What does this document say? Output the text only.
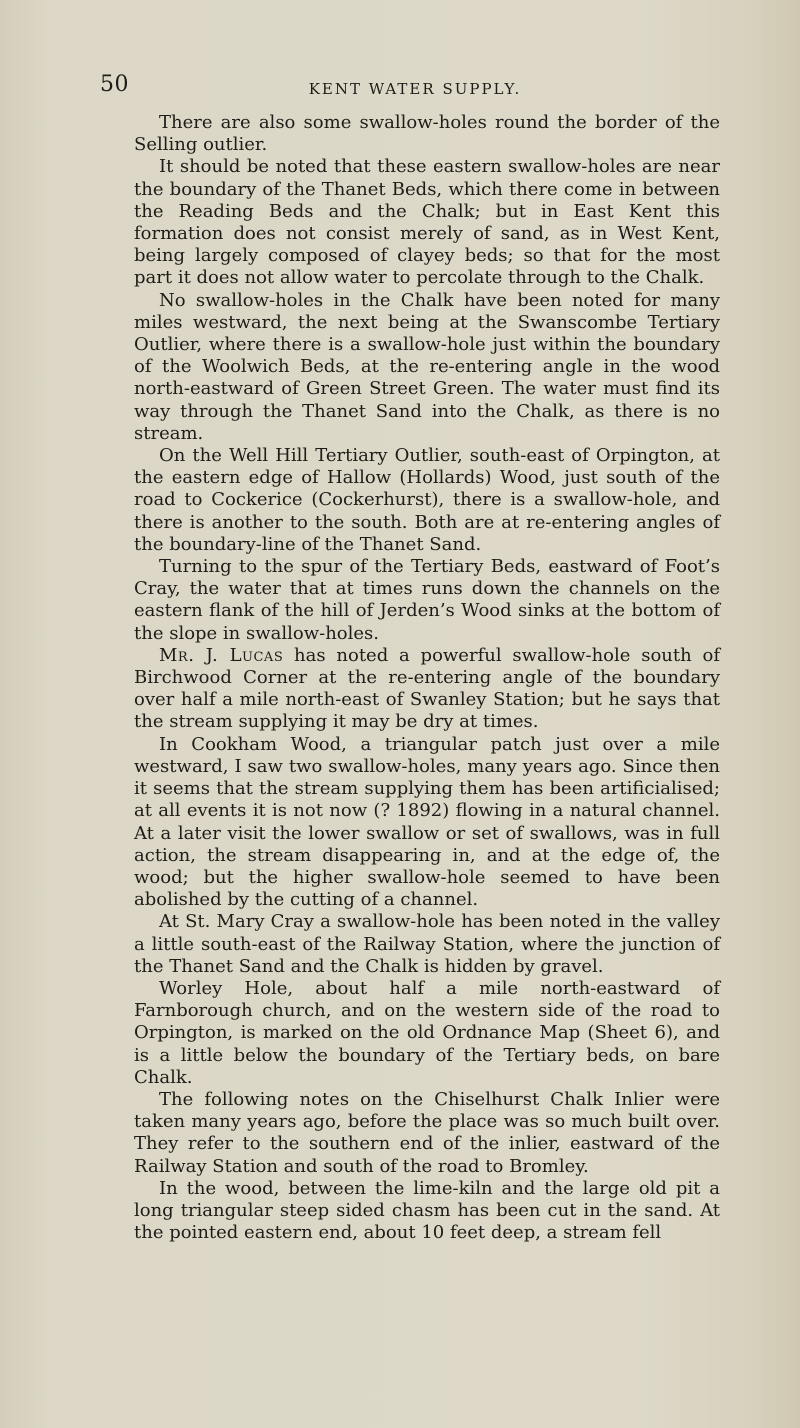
50	KENT WATER SUPPLY.

There are also some swallow-holes round the border of the Selling outlier.

It should be noted that these eastern swallow-holes are near the boundary of the Thanet Beds, which there come in between the Reading Beds and the Chalk; but in East Kent this formation does not consist merely of sand, as in West Kent, being largely composed of clayey beds; so that for the most part it does not allow water to percolate through to the Chalk.

No swallow-holes in the Chalk have been noted for many miles westward, the next being at the Swanscombe Tertiary Outlier, where there is a swallow-hole just within the boundary of the Woolwich Beds, at the re-entering angle in the wood north-eastward of Green Street Green. The water must find its way through the Thanet Sand into the Chalk, as there is no stream.

On the Well Hill Tertiary Outlier, south-east of Orpington, at the eastern edge of Hallow (Hollards) Wood, just south of the road to Cockerice (Cockerhurst), there is a swallow-hole, and there is another to the south. Both are at re-entering angles of the boundary-line of the Thanet Sand.

Turning to the spur of the Tertiary Beds, eastward of Foot’s Cray, the water that at times runs down the channels on the eastern flank of the hill of Jerden’s Wood sinks at the bottom of the slope in swallow-holes.

Mr. J. Lucas has noted a powerful swallow-hole south of Birchwood Corner at the re-entering angle of the boundary over half a mile north-east of Swanley Station; but he says that the stream supplying it may be dry at times.

In Cookham Wood, a triangular patch just over a mile westward, I saw two swallow-holes, many years ago. Since then it seems that the stream supplying them has been artificialised; at all events it is not now (? 1892) flowing in a natural channel. At a later visit the lower swallow or set of swallows, was in full action, the stream disappearing in, and at the edge of, the wood; but the higher swallow-hole seemed to have been abolished by the cutting of a channel.

At St. Mary Cray a swallow-hole has been noted in the valley a little south-east of the Railway Station, where the junction of the Thanet Sand and the Chalk is hidden by gravel.

Worley Hole, about half a mile north-eastward of Farnborough church, and on the western side of the road to Orpington, is marked on the old Ordnance Map (Sheet 6), and is a little below the boundary of the Tertiary beds, on bare Chalk.

The following notes on the Chiselhurst Chalk Inlier were taken many years ago, before the place was so much built over. They refer to the southern end of the inlier, eastward of the Railway Station and south of the road to Bromley.

In the wood, between the lime-kiln and the large old pit a long triangular steep sided chasm has been cut in the sand. At the pointed eastern end, about 10 feet deep, a stream fell
